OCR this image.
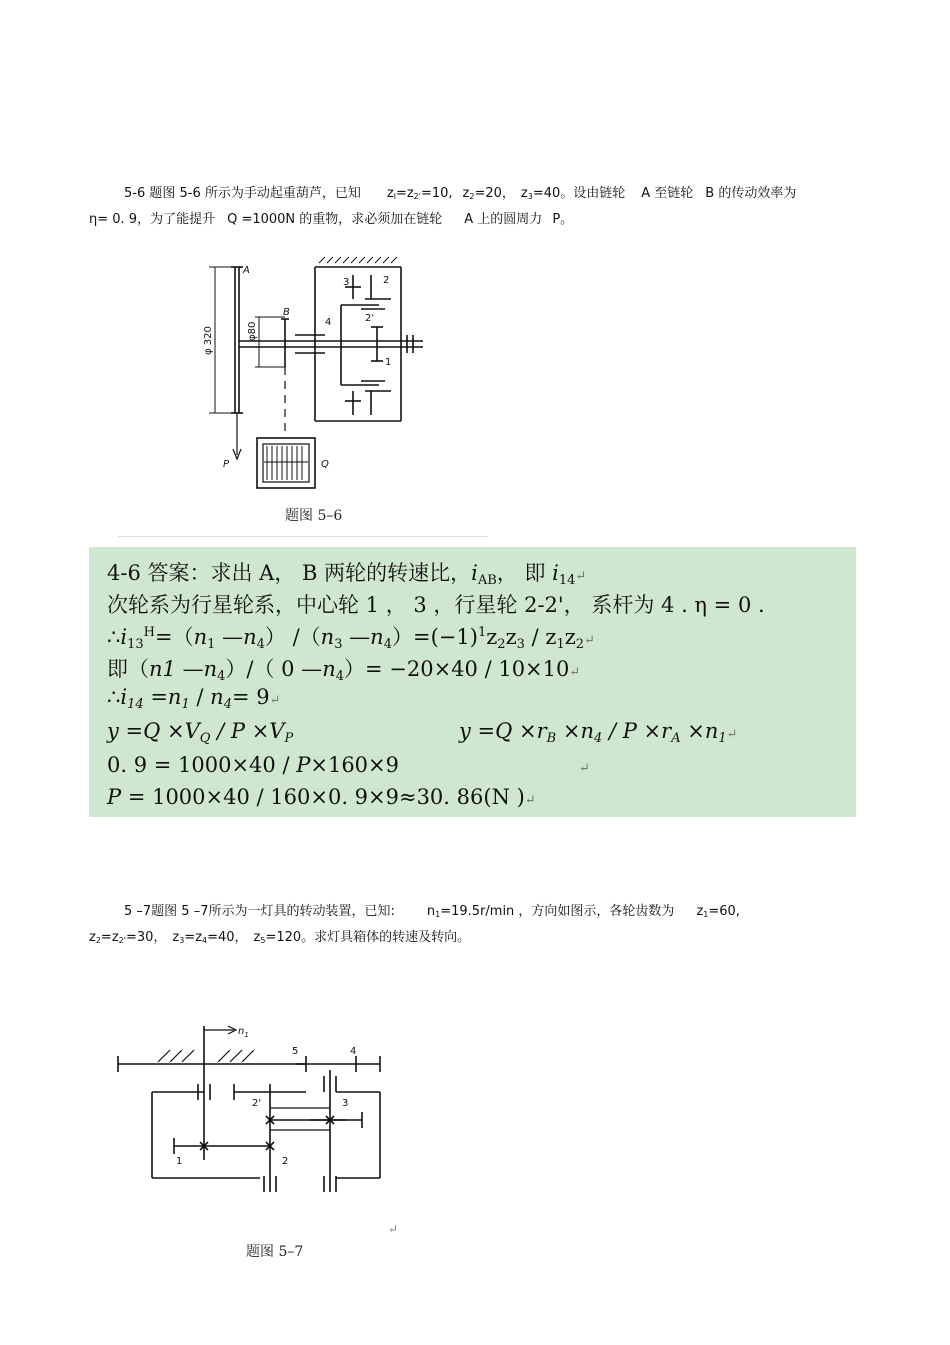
5-6 题图 5-6 所示为手动起重葫芦，已知 $z_l=z_{2'}=10$, $z_2=20$， $z_3=40$。设由链轮 A 至链轮 B 的传动效率为
η= 0. 9，为了能提升 Q =1000N 的重物，求必须加在链轮 A 上的圆周力 P。
A
B
P	Q
φ 320	φ80
3	2
2'
4
1
题图 5–6
4-6 答案：求出 A， B 两轮的转速比，$i_{AB}$， 即 $i_{14}↵$
次轮系为行星轮系，中心轮 1 ， 3 ，行星轮 2-2'， 系杆为 4 . η = 0 .
$\therefore i_{13}^H=(n_1$ $—n_4$） $/(n_3$ $—n_4)=(-1)^1z_2z_3$ / $z_1z_2↵$
即（n1 $—n_4)/$（ 0 $—n_4)= -20\times 40$ / 10×10↵
$\therefore i_{14} =n_1 / n_4=$ 9↵
$y =Q \times V_Q / P \times V_P$	$y =Q \times r_B \times n_4 / P \times r_A$ $\times n_1↵$
0. 9 = 1000×40 / P×160×9	↵
P = 1000×40 / 160×0. 9×9≈30. 86(N )↵
5 –7题图 5 –7所示为一灯具的转动装置，已知: $n_1=19.5r/\min$ ，方向如图示，各轮齿数为 $z_1=60$,
$z_2=z_{2'}=30$， $z_3=z_4=40$， $z_5=120$。求灯具箱体的转速及转向。
$n_1$
1	2
2'	3
4
5
↵
题图 5–7
